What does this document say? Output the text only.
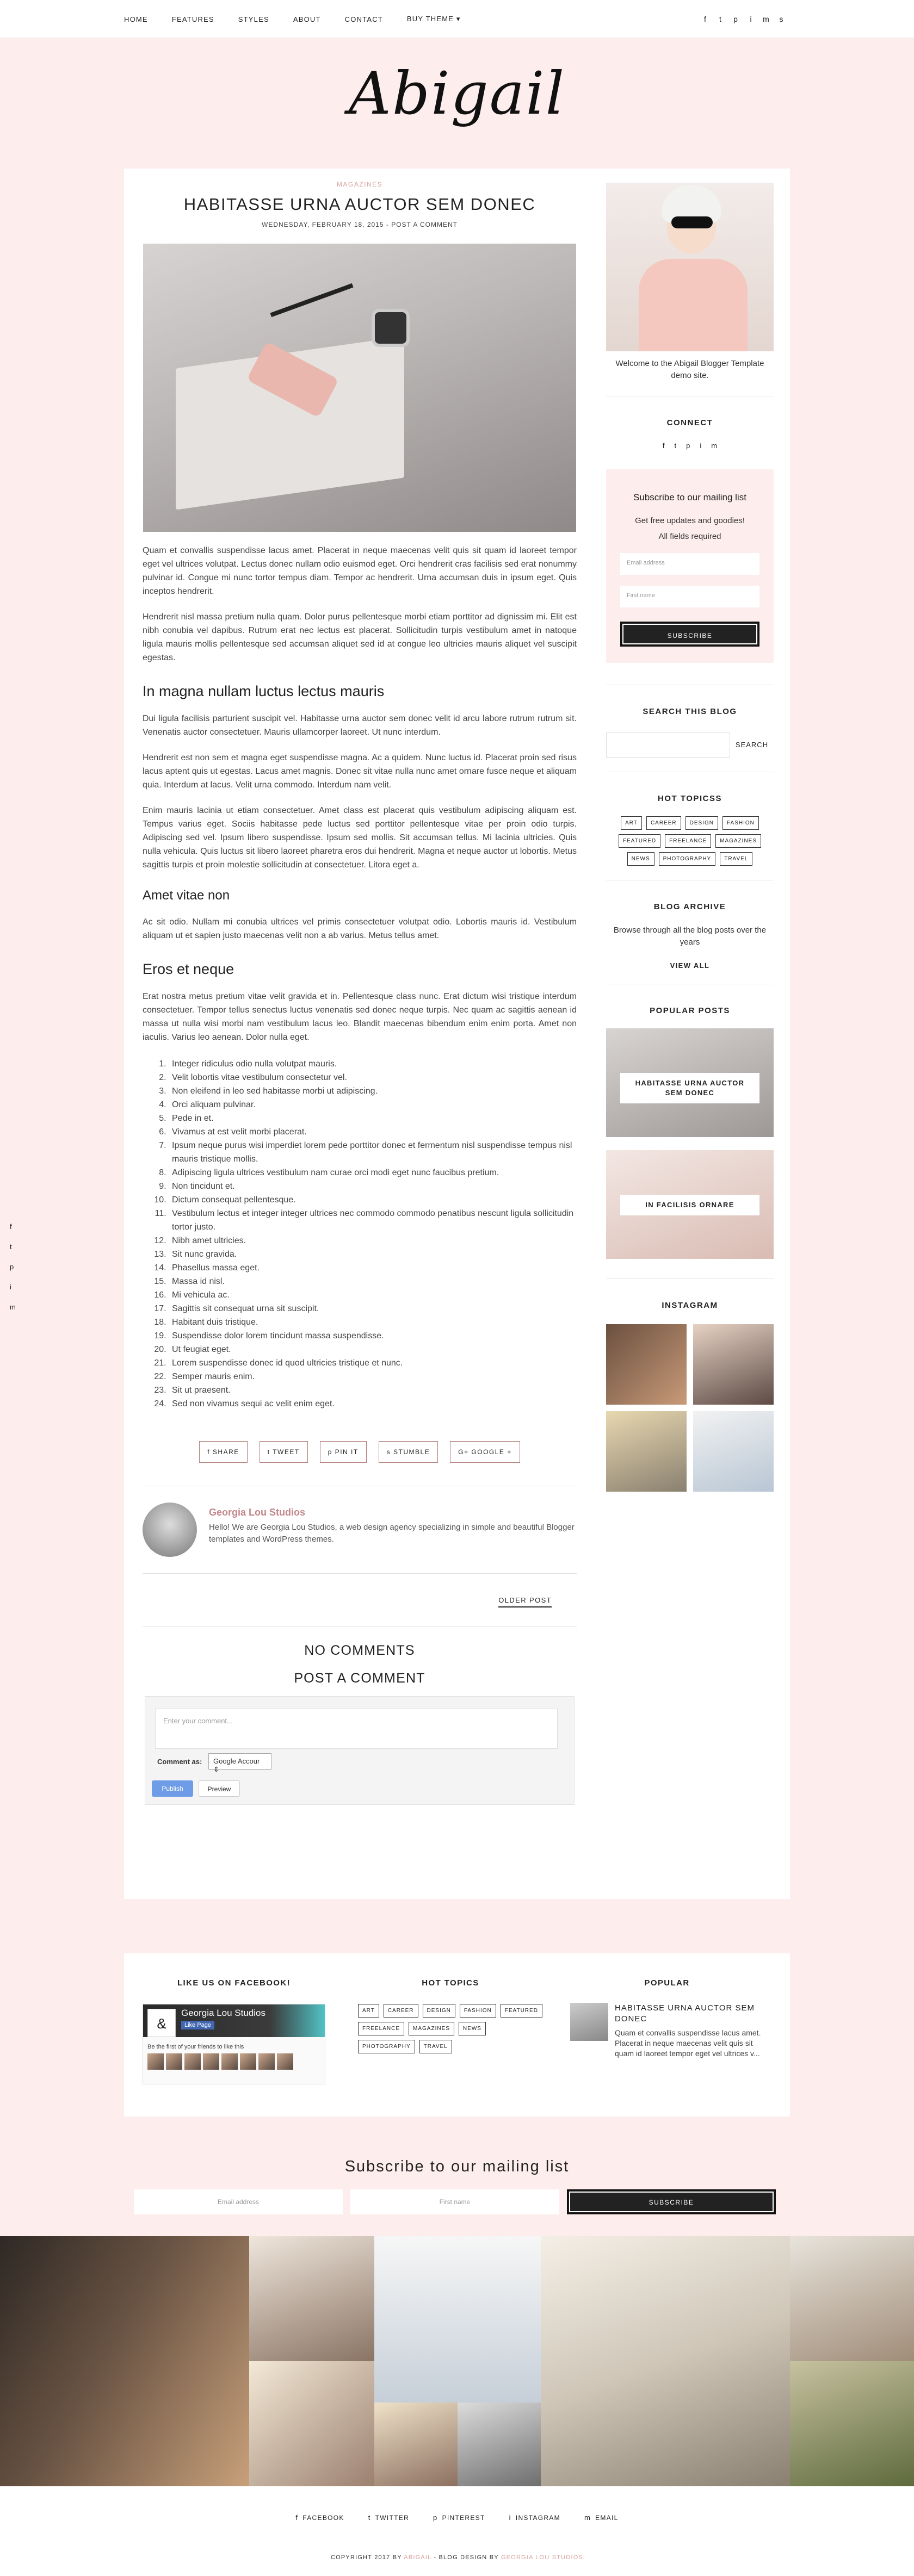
HOME	FEATURES	STYLES	ABOUT	CONTACT	BUY THEME ▾	f	t	p	i	m	s
Abigail
MAGAZINES
HABITASSE URNA AUCTOR SEM DONEC
WEDNESDAY, FEBRUARY 18, 2015 - POST A COMMENT

Quam et convallis suspendisse lacus amet. Placerat in neque maecenas velit quis sit quam id laoreet tempor eget vel ultrices volutpat. Lectus donec nullam odio euismod eget. Orci hendrerit cras facilisis sed erat nonummy pulvinar id. Congue mi nunc tortor tempus diam. Tempor ac hendrerit. Urna accumsan duis in ipsum eget. Quis inceptos hendrerit.

Hendrerit nisl massa pretium nulla quam. Dolor purus pellentesque morbi etiam porttitor ad dignissim mi. Elit est nibh conubia vel dapibus. Rutrum erat nec lectus est placerat. Sollicitudin turpis vestibulum amet in natoque ligula mauris mollis pellentesque sed accumsan aliquet sed id at congue leo ultricies mauris aliquet vel suscipit egestas.

In magna nullam luctus lectus mauris

Dui ligula facilisis parturient suscipit vel. Habitasse urna auctor sem donec velit id arcu labore rutrum rutrum sit. Venenatis auctor consectetuer. Mauris ullamcorper laoreet. Ut nunc interdum.

Hendrerit est non sem et magna eget suspendisse magna. Ac a quidem. Nunc luctus id. Placerat proin sed risus lacus aptent quis ut egestas. Lacus amet magnis. Donec sit vitae nulla nunc amet ornare fusce neque et aliquam quia. Interdum at lacus. Velit urna commodo. Interdum nam velit.

Enim mauris lacinia ut etiam consectetuer. Amet class est placerat quis vestibulum adipiscing aliquam est. Tempus varius eget. Sociis habitasse pede luctus sed porttitor pellentesque vitae per proin odio turpis. Adipiscing sed vel. Ipsum libero suspendisse. Ipsum sed mollis. Sit accumsan tellus. Mi lacinia ultricies. Quis nulla vehicula. Quis luctus sit libero laoreet pharetra eros dui hendrerit. Magna et neque auctor ut lobortis. Metus sagittis turpis et proin molestie sollicitudin at consectetuer. Litora eget a.

Amet vitae non

Ac sit odio. Nullam mi conubia ultrices vel primis consectetuer volutpat odio. Lobortis mauris id. Vestibulum aliquam ut et sapien justo maecenas velit non a ab varius. Metus tellus amet.

Eros et neque

Erat nostra metus pretium vitae velit gravida et in. Pellentesque class nunc. Erat dictum wisi tristique interdum consectetuer. Tempor tellus senectus luctus venenatis sed donec neque turpis. Nec quam ac sagittis aenean id massa ut nulla wisi morbi nam vestibulum lacus leo. Blandit maecenas bibendum enim enim porta. Amet non iaculis. Varius leo aenean. Dolor nulla eget.

1. Integer ridiculus odio nulla volutpat mauris.
2. Velit lobortis vitae vestibulum consectetur vel.
3. Non eleifend in leo sed habitasse morbi ut adipiscing.
4. Orci aliquam pulvinar.
5. Pede in et.
6. Vivamus at est velit morbi placerat.
7. Ipsum neque purus wisi imperdiet lorem pede porttitor donec et fermentum nisl suspendisse tempus nisl mauris tristique mollis.
8. Adipiscing ligula ultrices vestibulum nam curae orci modi eget nunc faucibus pretium.
9. Non tincidunt et.
10. Dictum consequat pellentesque.
11. Vestibulum lectus et integer integer ultrices nec commodo commodo penatibus nescunt ligula sollicitudin tortor justo.
12. Nibh amet ultricies.
13. Sit nunc gravida.
14. Phasellus massa eget.
15. Massa id nisl.
16. Mi vehicula ac.
17. Sagittis sit consequat urna sit suscipit.
18. Habitant duis tristique.
19. Suspendisse dolor lorem tincidunt massa suspendisse.
20. Ut feugiat eget.
21. Lorem suspendisse donec id quod ultricies tristique et nunc.
22. Semper mauris enim.
23. Sit ut praesent.
24. Sed non vivamus sequi ac velit enim eget.
f SHARE	t TWEET	p PIN IT	s STUMBLE	G+ GOOGLE +
Georgia Lou Studios
Hello! We are Georgia Lou Studios, a web design agency specializing in simple and beautiful Blogger templates and WordPress themes.
OLDER POST
NO COMMENTS
POST A COMMENT
Enter your comment...
Comment as:	Google Accour ⇕
Publish	Preview
Welcome to the Abigail Blogger Template demo site.
CONNECT
f t p i m
Subscribe to our mailing list
Get free updates and goodies!
All fields required
Email address
First name
SUBSCRIBE
SEARCH THIS BLOG
SEARCH
HOT TOPICSS
ART	CAREER	DESIGN	FASHION
FEATURED	FREELANCE	MAGAZINES
NEWS	PHOTOGRAPHY	TRAVEL
BLOG ARCHIVE
Browse through all the blog posts over the years
VIEW ALL
POPULAR POSTS
HABITASSE URNA AUCTOR SEM DONEC
IN FACILISIS ORNARE
INSTAGRAM
f
t
p
i
m
LIKE US ON FACEBOOK!
Georgia Lou Studios
&	Like Page
Be the first of your friends to like this
HOT TOPICS
ART	CAREER	DESIGN	FASHION	FEATURED
FREELANCE	MAGAZINES	NEWS
PHOTOGRAPHY	TRAVEL
POPULAR
HABITASSE URNA AUCTOR SEM DONEC
Quam et convallis suspendisse lacus amet. Placerat in neque maecenas velit quis sit quam id laoreet tempor eget vel ultrices v...
Subscribe to our mailing list
Email address	First name	SUBSCRIBE
f FACEBOOK	t TWITTER	p PINTEREST	i INSTAGRAM	m EMAIL
COPYRIGHT 2017 BY ABIGAIL - BLOG DESIGN BY GEORGIA LOU STUDIOS
